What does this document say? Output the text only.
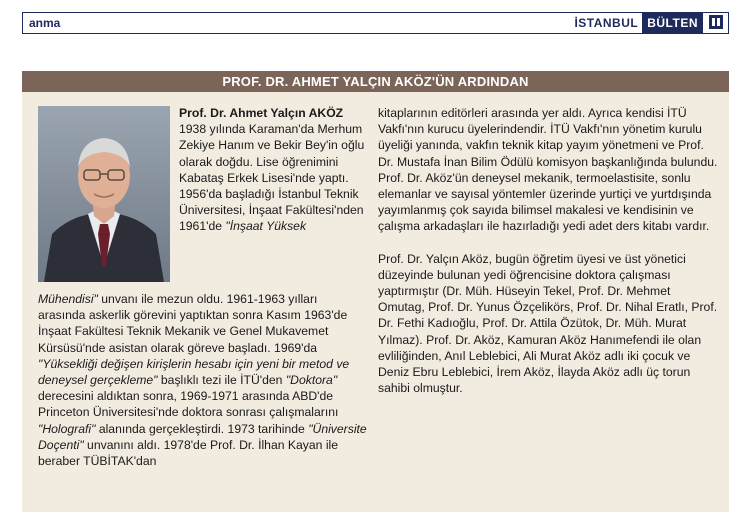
anma	İSTANBUL BÜLTEN
PROF. DR. AHMET YALÇIN AKÖZ'ÜN ARDINDAN

Prof. Dr. Ahmet Yalçın AKÖZ 1938 yılında Karaman'da Merhum Zekiye Hanım ve Bekir Bey'in oğlu olarak doğdu. Lise öğrenimini Kabataş Erkek Lisesi'nde yaptı. 1956'da başladığı İstanbul Teknik Üniversitesi, İnşaat Fakültesi'nden 1961'de "İnşaat Yüksek

Mühendisi" unvanı ile mezun oldu. 1961-1963 yılları arasında askerlik görevini yaptıktan sonra Kasım 1963'de İnşaat Fakültesi Teknik Mekanik ve Genel Mukavemet Kürsüsü'nde asistan olarak göreve başladı. 1969'da "Yüksekliği değişen kirişlerin hesabı için yeni bir metod ve deneysel gerçekleme" başlıklı tezi ile İTÜ'den "Doktora" derecesini aldıktan sonra, 1969-1971 arasında ABD'de Princeton Üniversitesi'nde doktora sonrası çalışmalarını "Holografi" alanında gerçekleştirdi. 1973 tarihinde "Üniversite Doçenti" unvanını aldı. 1978'de Prof. Dr. İlhan Kayan ile beraber TÜBİTAK'dan

kitaplarının editörleri arasında yer aldı. Ayrıca kendisi İTÜ Vakfı'nın kurucu üyelerindendir. İTÜ Vakfı'nın yönetim kurulu üyeliği yanında, vakfın teknik kitap yayım yönetmeni ve Prof. Dr. Mustafa İnan Bilim Ödülü komisyon başkanlığında bulundu. Prof. Dr. Aköz'ün deneysel mekanik, termoelastisite, sonlu elemanlar ve sayısal yöntemler üzerinde yurtiçi ve yurtdışında yayımlanmış çok sayıda bilimsel makalesi ve kendisinin ve çalışma arkadaşları ile hazırladığı yedi adet ders kitabı vardır.

Prof. Dr. Yalçın Aköz, bugün öğretim üyesi ve üst yönetici düzeyinde bulunan yedi öğrencisine doktora çalışması yaptırmıştır (Dr. Müh. Hüseyin Tekel, Prof. Dr. Mehmet Omutag, Prof. Dr. Yunus Özçelikörs, Prof. Dr. Nihal Eratlı, Prof. Dr. Fethi Kadıoğlu, Prof. Dr. Attila Özütok, Dr. Müh. Murat Yılmaz). Prof. Dr. Aköz, Kamuran Aköz Hanımefendi ile olan evliliğinden, Anıl Leblebici, Ali Murat Aköz adlı iki çocuk ve Deniz Ebru Leblebici, İrem Aköz, İlayda Aköz adlı üç torun sahibi olmuştur.
